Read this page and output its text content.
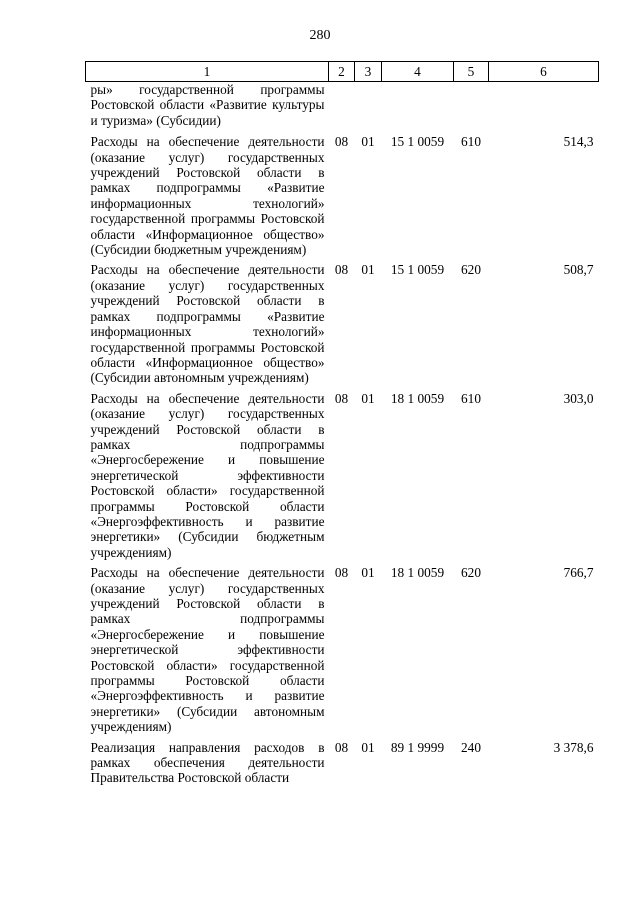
280
1	2	3	4	5	6
ры» государственной программы Ростовской области «Развитие культуры и туризма» (Субсидии)					
Расходы на обеспечение деятельности (оказание услуг) государственных учреждений Ростовской области в рамках подпрограммы «Развитие информационных технологий» государственной программы Ростовской области «Информационное общество» (Субсидии бюджетным учреждениям)	08	01	15 1 0059	610	514,3
Расходы на обеспечение деятельности (оказание услуг) государственных учреждений Ростовской области в рамках подпрограммы «Развитие информационных технологий» государственной программы Ростовской области «Информационное общество» (Субсидии автономным учреждениям)	08	01	15 1 0059	620	508,7
Расходы на обеспечение деятельности (оказание услуг) государственных учреждений Ростовской области в рамках подпрограммы «Энергосбережение и повышение энергетической эффективности Ростовской области» государственной программы Ростовской области «Энергоэффективность и развитие энергетики» (Субсидии бюджетным учреждениям)	08	01	18 1 0059	610	303,0
Расходы на обеспечение деятельности (оказание услуг) государственных учреждений Ростовской области в рамках подпрограммы «Энергосбережение и повышение энергетической эффективности Ростовской области» государственной программы Ростовской области «Энергоэффективность и развитие энергетики» (Субсидии автономным учреждениям)	08	01	18 1 0059	620	766,7
Реализация направления расходов в рамках обеспечения деятельности Правительства Ростовской области	08	01	89 1 9999	240	3 378,6
